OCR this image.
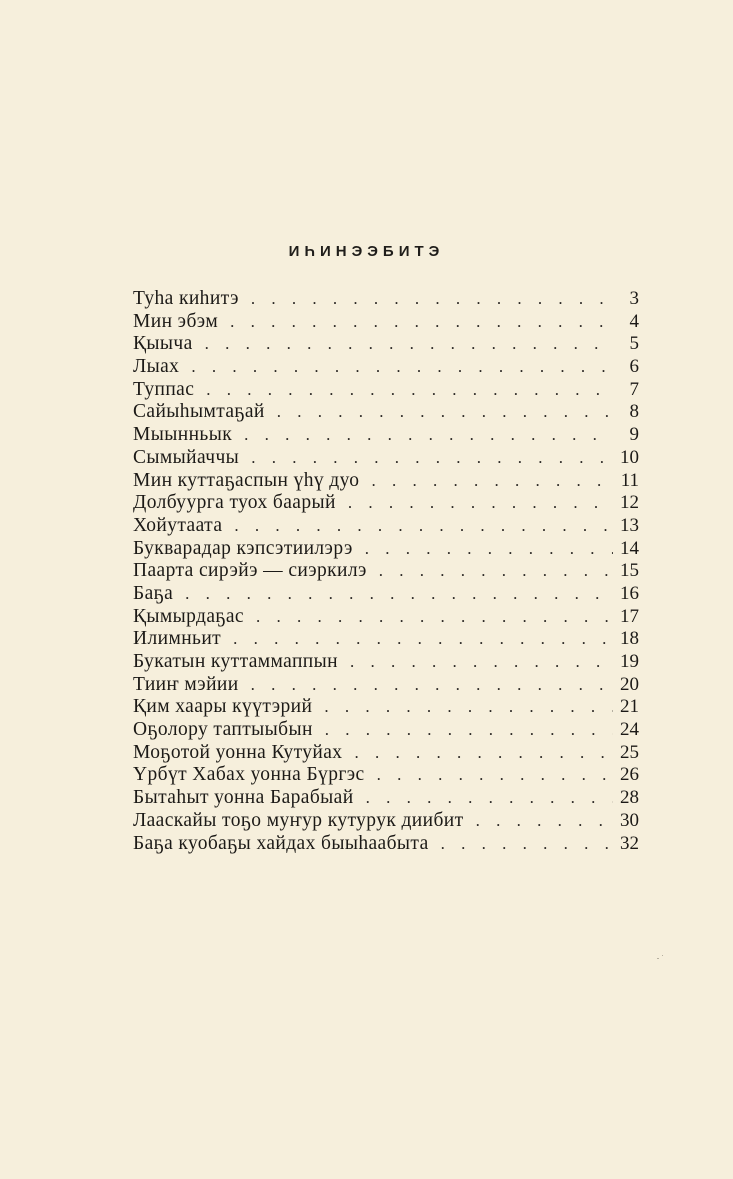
ИҺИНЭЭБИТЭ
Туһа киһитэ . . .	3
Мин эбэм . . .	4
Қыыча . . .	5
Лыах . . .	6
Туппас . . .	7
Сайыһымтаҕай . . .	8
Мыынньык . . .	9
Сымыйаччы . . .	10
Мин куттаҕаспын үһү дуо . . .	11
Долбуурга туох баарый . . .	12
Хойутаата . . .	13
Букварадар кэпсэтиилэрэ . . .	14
Паарта сирэйэ — сиэркилэ . . .	15
Баҕа . . .	16
Қымырдаҕас . . .	17
Илимньит . . .	18
Букатын куттаммаппын . . .	19
Тииҥ мэйии . . .	20
Қим хаары күүтэрий . . .	21
Оҕолору таптыыбын . . .	24
Моҕотой уонна Кутуйах . . .	25
Үрбүт Хабах уонна Бүргэс . . .	26
Бытаһыт уонна Барабыай . . .	28
Лааскайы тоҕо муҥур кутурук диибит . . .	30
Баҕа куобаҕы хайдах быыһаабыта . . .	32
